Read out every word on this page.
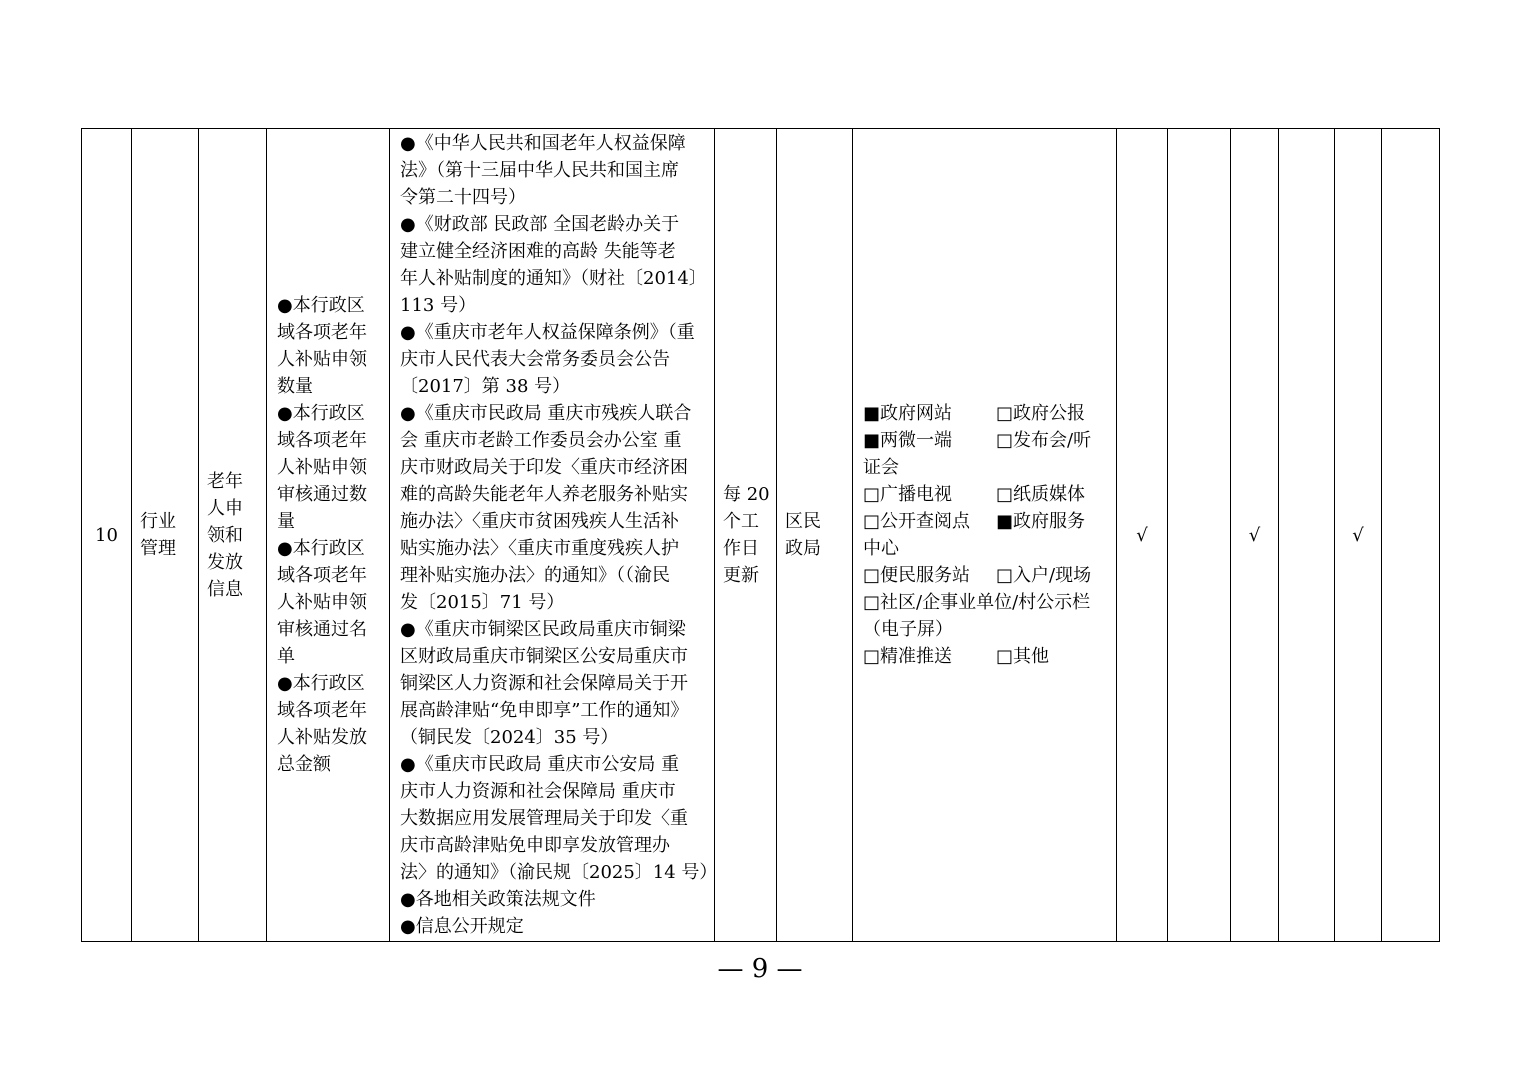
10	
行业
管理

老年
人申
领和
发放
信息

●本行政区
域各项老年
人补贴申领
数量
●本行政区
域各项老年
人补贴申领
审核通过数
量
●本行政区
域各项老年
人补贴申领
审核通过名
单
●本行政区
域各项老年
人补贴发放
总金额

●《中华人民共和国老年人权益保障
法》（第十三届中华人民共和国主席
令第二十四号）
●《财政部 民政部 全国老龄办关于
建立健全经济困难的高龄 失能等老
年人补贴制度的通知》（财社〔2014〕
113 号）
●《重庆市老年人权益保障条例》（重
庆市人民代表大会常务委员会公告
〔2017〕第 38 号）
●《重庆市民政局 重庆市残疾人联合
会 重庆市老龄工作委员会办公室 重
庆市财政局关于印发〈重庆市经济困
难的高龄失能老年人养老服务补贴实
施办法〉〈重庆市贫困残疾人生活补
贴实施办法〉〈重庆市重度残疾人护
理补贴实施办法〉的通知》（（渝民
发〔2015〕71 号）
●《重庆市铜梁区民政局重庆市铜梁
区财政局重庆市铜梁区公安局重庆市
铜梁区人力资源和社会保障局关于开
展高龄津贴“免申即享”工作的通知》
（铜民发〔2024〕35 号）
●《重庆市民政局 重庆市公安局 重
庆市人力资源和社会保障局 重庆市
大数据应用发展管理局关于印发〈重
庆市高龄津贴免申即享发放管理办
法〉的通知》（渝民规〔2025〕14 号）
●各地相关政策法规文件
●信息公开规定

每 20
个工
作日
更新

区民
政局

■政府网站	□政府公报
■两微一端	□发布会/听
证会
□广播电视	□纸质媒体
□公开查阅点	■政府服务
中心
□便民服务站	□入户/现场
□社区/企事业单位/村公示栏
（电子屏）
□精准推送	□其他
	√		√		√	
— 9 —
